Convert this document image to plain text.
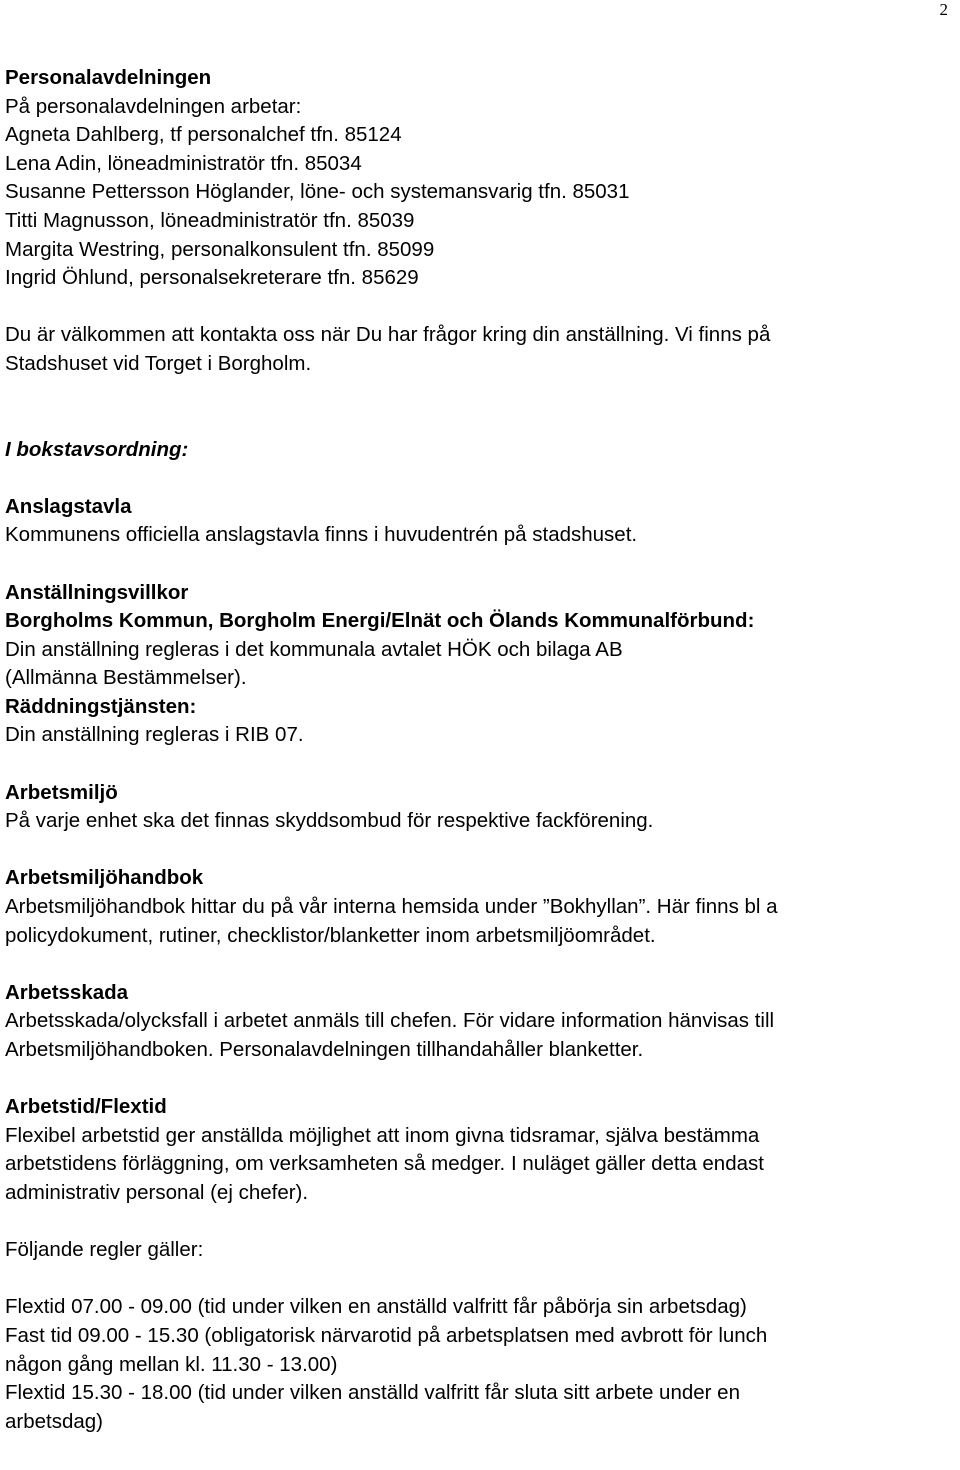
2
Personalavdelningen
På personalavdelningen arbetar:
Agneta Dahlberg, tf personalchef tfn. 85124
Lena Adin, löneadministratör tfn. 85034
Susanne Pettersson Höglander, löne- och systemansvarig tfn. 85031
Titti Magnusson, löneadministratör tfn. 85039
Margita Westring, personalkonsulent tfn. 85099
Ingrid Öhlund, personalsekreterare tfn. 85629
Du är välkommen att kontakta oss när Du har frågor kring din anställning. Vi finns på
Stadshuset vid Torget i Borgholm.
I bokstavsordning:
Anslagstavla
Kommunens officiella anslagstavla finns i huvudentrén på stadshuset.
Anställningsvillkor
Borgholms Kommun, Borgholm Energi/Elnät och Ölands Kommunalförbund:
Din anställning regleras i det kommunala avtalet HÖK och bilaga AB
(Allmänna Bestämmelser).
Räddningstjänsten:
Din anställning regleras i RIB 07.
Arbetsmiljö
På varje enhet ska det finnas skyddsombud för respektive fackförening.
Arbetsmiljöhandbok
Arbetsmiljöhandbok hittar du på vår interna hemsida under ”Bokhyllan”. Här finns bl a
policydokument, rutiner, checklistor/blanketter inom arbetsmiljöområdet.
Arbetsskada
Arbetsskada/olycksfall i arbetet anmäls till chefen. För vidare information hänvisas till
Arbetsmiljöhandboken. Personalavdelningen tillhandahåller blanketter.
Arbetstid/Flextid
Flexibel arbetstid ger anställda möjlighet att inom givna tidsramar, själva bestämma
arbetstidens förläggning, om verksamheten så medger. I nuläget gäller detta endast
administrativ personal (ej chefer).
Följande regler gäller:
Flextid 07.00 - 09.00 (tid under vilken en anställd valfritt får påbörja sin arbetsdag)
Fast tid 09.00 - 15.30 (obligatorisk närvarotid på arbetsplatsen med avbrott för lunch
någon gång mellan kl. 11.30 - 13.00)
Flextid 15.30 - 18.00 (tid under vilken anställd valfritt får sluta sitt arbete under en
arbetsdag)
